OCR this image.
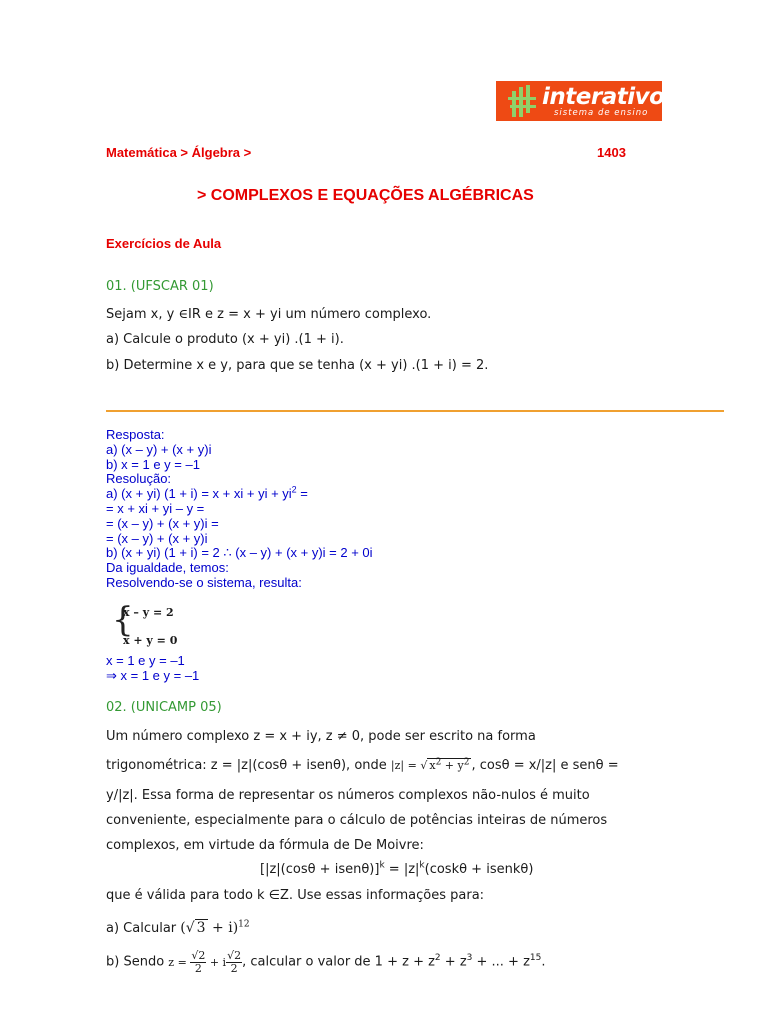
interativo
sistema de ensino
Matemática > Álgebra >	1403
> COMPLEXOS E EQUAÇÕES ALGÉBRICAS
Exercícios de Aula
01. (UFSCAR 01)
Sejam x, y ∈IR e z = x + yi um número complexo.
a) Calcule o produto (x + yi) .(1 + i).
b) Determine x e y, para que se tenha (x + yi) .(1 + i) = 2.
Resposta:
a) (x – y) + (x + y)i
b) x = 1 e y = –1
Resolução:
a) (x + yi) (1 + i) = x + xi + yi + $yi^2$ =
= x + xi + yi – y =
= (x – y) + (x + y)i =
= (x – y) + (x + y)i
b) (x + yi) (1 + i) = 2 ∴ (x – y) + (x + y)i = 2 + 0i
Da igualdade, temos:
Resolvendo-se o sistema, resulta:
{
x – y = 2
x + y = 0
x = 1 e y = –1
⇒ x = 1 e y = –1
02. (UNICAMP 05)
Um número complexo z = x + iy, z ≠ 0, pode ser escrito na forma
trigonométrica: z = |z|(cosθ + isenθ), onde |z| = √ $x^2 + y^2$ , cosθ = x/|z| e senθ =
y/|z|. Essa forma de representar os números complexos não-nulos é muito
conveniente, especialmente para o cálculo de potências inteiras de números
complexos, em virtude da fórmula de De Moivre:
[|z|(cosθ + isenθ)]$^k$ = $|z|^k(\cos k\theta$ + isenkθ)
que é válida para todo k ∈Z. Use essas informações para:
a) Calcular (√ 3 + i)$^{12}$
b) Sendo $z = \frac{√2}{2} + i \frac{√2}{2}$ , calcular o valor de $1 + z + z^2 + z^3$ + ... + $z^{15}$.
